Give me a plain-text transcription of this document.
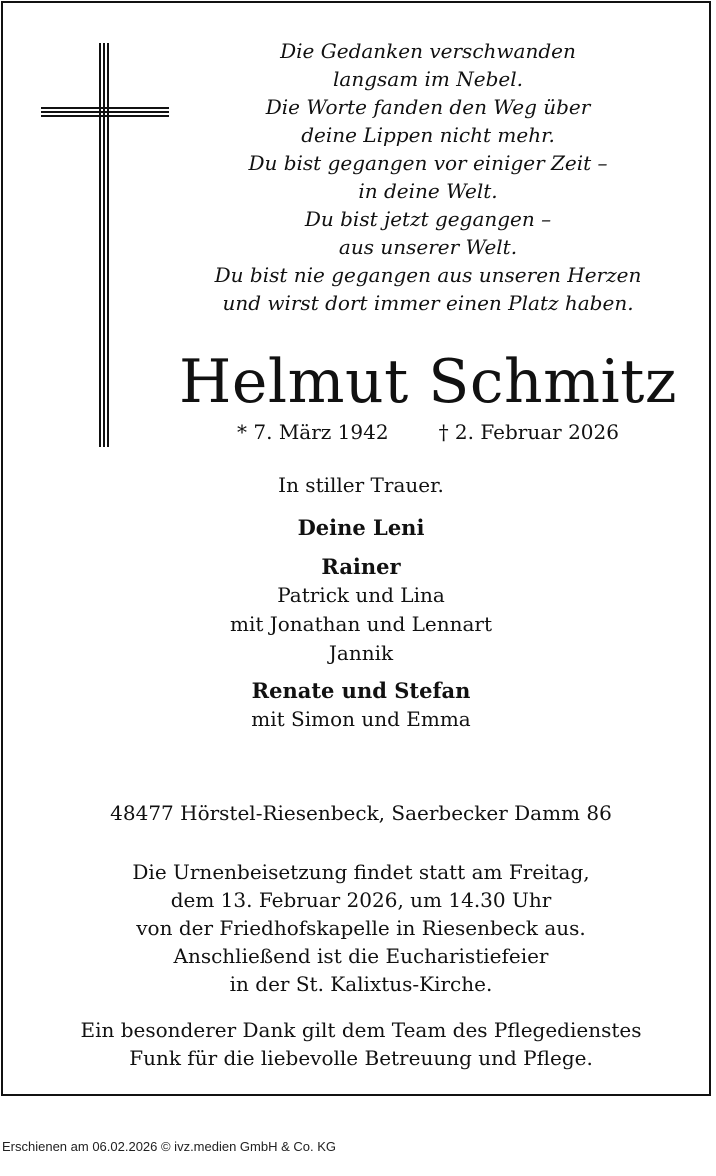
Die Gedanken verschwanden
langsam im Nebel.
Die Worte fanden den Weg über
deine Lippen nicht mehr.
Du bist gegangen vor einiger Zeit –
in deine Welt.
Du bist jetzt gegangen –
aus unserer Welt.
Du bist nie gegangen aus unseren Herzen
und wirst dort immer einen Platz haben.
Helmut Schmitz
* 7. März 1942	† 2. Februar 2026
In stiller Trauer.
Deine Leni
Rainer
Patrick und Lina
mit Jonathan und Lennart
Jannik
Renate und Stefan
mit Simon und Emma
48477 Hörstel-Riesenbeck, Saerbecker Damm 86
Die Urnenbeisetzung findet statt am Freitag,
dem 13. Februar 2026, um 14.30 Uhr
von der Friedhofskapelle in Riesenbeck aus.
Anschließend ist die Eucharistiefeier
in der St. Kalixtus-Kirche.
Ein besonderer Dank gilt dem Team des Pflegedienstes
Funk für die liebevolle Betreuung und Pflege.
Erschienen am 06.02.2026 © ivz.medien GmbH & Co. KG
